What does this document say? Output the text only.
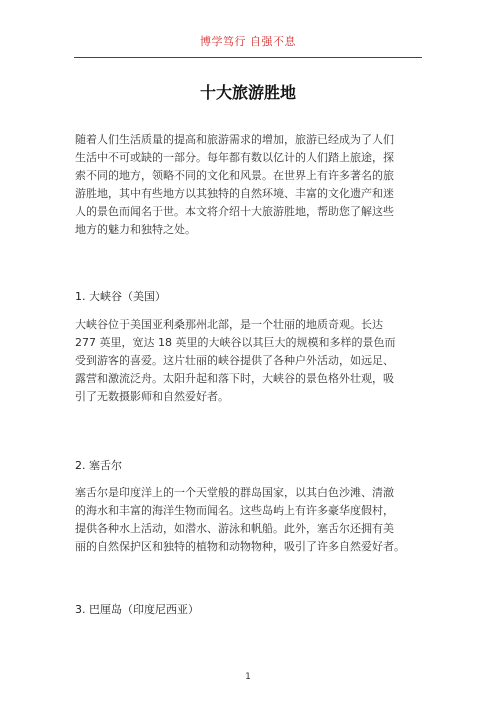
博学笃行 自强不息
十大旅游胜地
随着人们生活质量的提高和旅游需求的增加，旅游已经成为了人们
生活中不可或缺的一部分。每年都有数以亿计的人们踏上旅途，探
索不同的地方，领略不同的文化和风景。在世界上有许多著名的旅
游胜地，其中有些地方以其独特的自然环境、丰富的文化遗产和迷
人的景色而闻名于世。本文将介绍十大旅游胜地，帮助您了解这些
地方的魅力和独特之处。
1. 大峡谷（美国）
大峡谷位于美国亚利桑那州北部，是一个壮丽的地质奇观。长达
277 英里，宽达 18 英里的大峡谷以其巨大的规模和多样的景色而
受到游客的喜爱。这片壮丽的峡谷提供了各种户外活动，如远足、
露营和激流泛舟。太阳升起和落下时，大峡谷的景色格外壮观，吸
引了无数摄影师和自然爱好者。
2. 塞舌尔
塞舌尔是印度洋上的一个天堂般的群岛国家，以其白色沙滩、清澈
的海水和丰富的海洋生物而闻名。这些岛屿上有许多豪华度假村，
提供各种水上活动，如潜水、游泳和帆船。此外，塞舌尔还拥有美
丽的自然保护区和独特的植物和动物物种，吸引了许多自然爱好者。
3. 巴厘岛（印度尼西亚）
1
